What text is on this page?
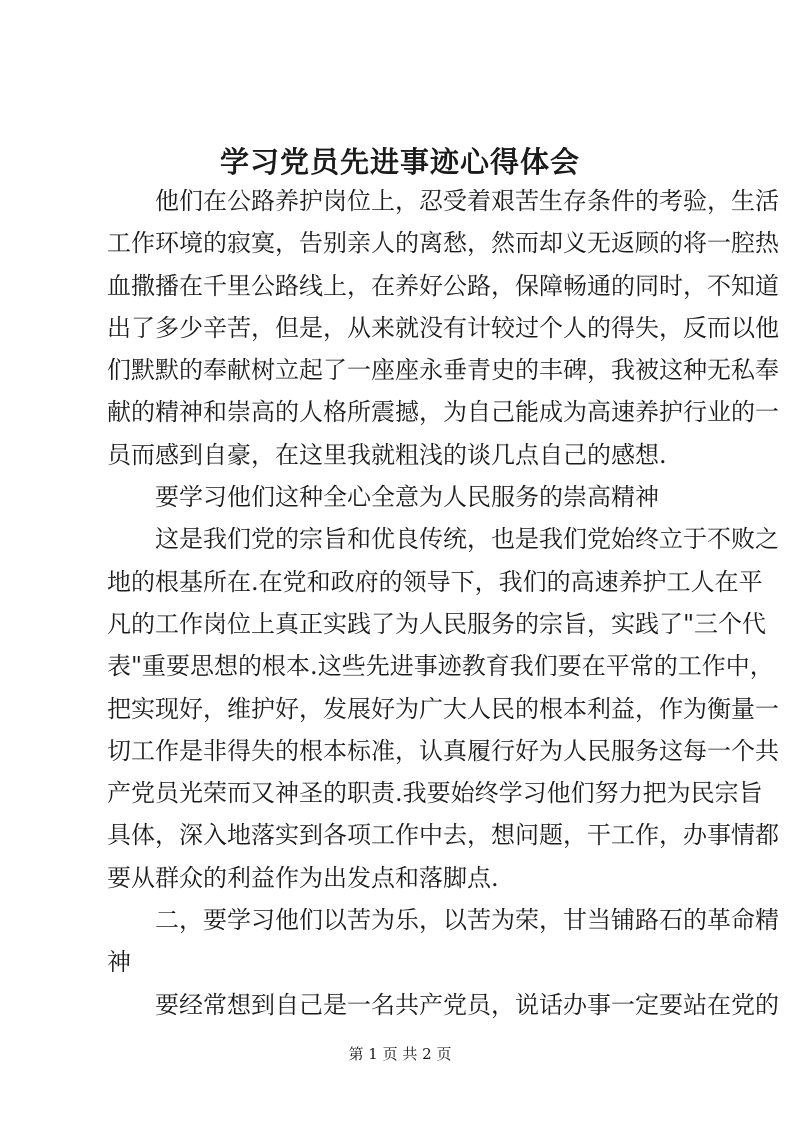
学习党员先进事迹心得体会
他 们 在 公 路 养 护 岗 位 上 ， 忍 受 着 艰 苦 生 存 条 件 的 考 验 ， 生 活
工 作 环 境 的 寂 寞 ， 告 别 亲 人 的 离 愁 ， 然 而 却 义 无 返 顾 的 将 一 腔 热
血 撒 播 在 千 里 公 路 线 上 ， 在 养 好 公 路 ， 保 障 畅 通 的 同 时 ， 不 知 道
出 了 多 少 辛 苦 ， 但 是 ， 从 来 就 没 有 计 较 过 个 人 的 得 失 ， 反 而 以 他
们 默 默 的 奉 献 树 立 起 了 一 座 座 永 垂 青 史 的 丰 碑 ， 我 被 这 种 无 私 奉
献 的 精 神 和 崇 高 的 人 格 所 震 撼 ， 为 自 己 能 成 为 高 速 养 护 行 业 的 一
员而感到自豪，在这里我就粗浅的谈几点自己的感想.
要学习他们这种全心全意为人民服务的崇高精神
这 是 我 们 党 的 宗 旨 和 优 良 传 统 ， 也 是 我 们 党 始 终 立 于 不 败 之
地 的 根 基 所 在 . 在 党 和 政 府 的 领 导 下 ， 我 们 的 高 速 养 护 工 人 在 平
凡 的 工 作 岗 位 上 真 正 实 践 了 为 人 民 服 务 的 宗 旨 ， 实 践 了 " 三 个 代
表 " 重 要 思 想 的 根 本 . 这 些 先 进 事 迹 教 育 我 们 要 在 平 常 的 工 作 中 ，
把 实 现 好 ， 维 护 好 ， 发 展 好 为 广 大 人 民 的 根 本 利 益 ， 作 为 衡 量 一
切 工 作 是 非 得 失 的 根 本 标 准 ， 认 真 履 行 好 为 人 民 服 务 这 每 一 个 共
产 党 员 光 荣 而 又 神 圣 的 职 责 . 我 要 始 终 学 习 他 们 努 力 把 为 民 宗 旨
具 体 ， 深 入 地 落 实 到 各 项 工 作 中 去 ， 想 问 题 ， 干 工 作 ， 办 事 情 都
要从群众的利益作为出发点和落脚点.
二 ， 要 学 习 他 们 以 苦 为 乐 ， 以 苦 为 荣 ， 甘 当 铺 路 石 的 革 命 精
神
要 经 常 想 到 自 己 是 一 名 共 产 党 员 ， 说 话 办 事 一 定 要 站 在 党 的
第 1 页 共 2 页
